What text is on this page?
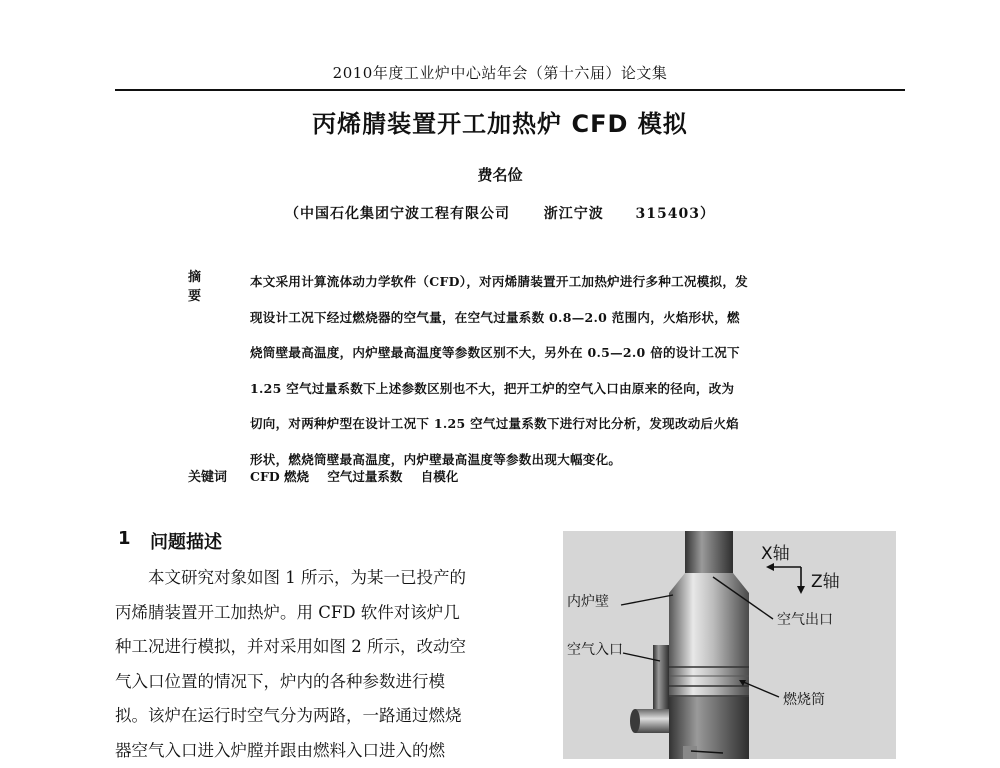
2010年度工业炉中心站年会（第十六届）论文集
丙烯腈装置开工加热炉 CFD 模拟
费名俭
（中国石化集团宁波工程有限公司 浙江宁波 315403）
摘 要
本文采用计算流体动力学软件（CFD），对丙烯腈装置开工加热炉进行多种工况模拟，发
现设计工况下经过燃烧器的空气量，在空气过量系数 0.8—2.0 范围内，火焰形状，燃
烧筒壁最高温度，内炉壁最高温度等参数区别不大，另外在 0.5—2.0 倍的设计工况下
1.25 空气过量系数下上述参数区别也不大，把开工炉的空气入口由原来的径向，改为
切向，对两种炉型在设计工况下 1.25 空气过量系数下进行对比分析，发现改动后火焰
形状，燃烧筒壁最高温度，内炉壁最高温度等参数出现大幅变化。
关键词 CFD 燃烧 空气过量系数 自模化
1 问题描述
　　本文研究对象如图 1 所示，为某一已投产的
丙烯腈装置开工加热炉。用 CFD 软件对该炉几
种工况进行模拟，并对采用如图 2 所示，改动空
气入口位置的情况下，炉内的各种参数进行模
拟。该炉在运行时空气分为两路，一路通过燃烧
器空气入口进入炉膛并跟由燃料入口进入的燃
X轴
Z轴
内炉壁
空气出口
空气入口
燃烧筒
